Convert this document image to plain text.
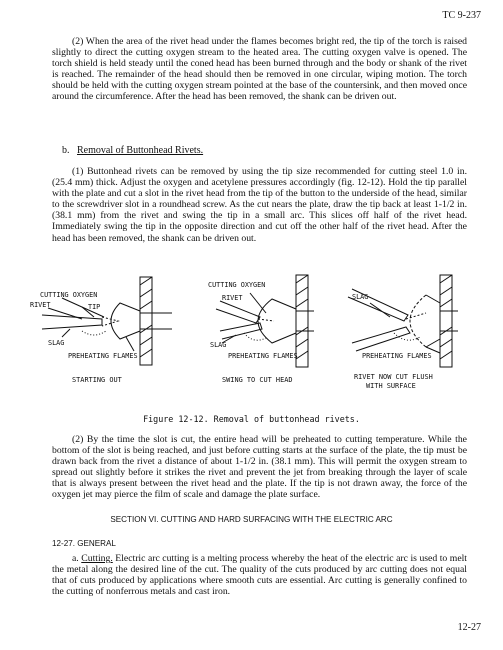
TC 9-237

(2) When the area of the rivet head under the flames becomes bright red, the tip of the torch is raised slightly to direct the cutting oxygen stream to the heated area. The cutting oxygen valve is opened. The torch shield is held steady until the coned head has been burned through and the body or shank of the rivet is reached. The remainder of the head should then be removed in one circular, wiping motion. The torch should be held with the cutting oxygen stream pointed at the base of the countersink, and then moved once around the circumference. After the head has been removed, the shank can be driven out.

b. Removal of Buttonhead Rivets.

(1) Buttonhead rivets can be removed by using the tip size recommended for cutting steel 1.0 in. (25.4 mm) thick. Adjust the oxygen and acetylene pressures accordingly (fig. 12-12). Hold the tip parallel with the plate and cut a slot in the rivet head from the tip of the button to the underside of the head, similar to the screwdriver slot in a roundhead screw. As the cut nears the plate, draw the tip back at least 1-1/2 in. (38.1 mm) from the rivet and swing the tip in a small arc. This slices off half of the rivet head. Immediately swing the tip in the opposite direction and cut off the other half of the rivet head. After the head has been removed, the shank can be driven out.

CUTTING OXYGEN
RIVET	TIP
SLAG
PREHEATING FLAMES
STARTING OUT
CUTTING OXYGEN
RIVET
SLAG
PREHEATING FLAMES
SWING TO CUT HEAD
SLAG
PREHEATING FLAMES
RIVET NOW CUT FLUSH
WITH SURFACE
Figure 12-12. Removal of buttonhead rivets.

(2) By the time the slot is cut, the entire head will be preheated to cutting temperature. While the bottom of the slot is being reached, and just before cutting starts at the surface of the plate, the tip must be drawn back from the rivet a distance of about 1-1/2 in. (38.1 mm). This will permit the oxygen stream to spread out slightly before it strikes the rivet and prevent the jet from breaking through the layer of scale that is always present between the rivet head and the plate. If the tip is not drawn away, the force of the oxygen jet may pierce the film of scale and damage the plate surface.

SECTION VI. CUTTING AND HARD SURFACING WITH THE ELECTRIC ARC
12-27. GENERAL

a. Cutting. Electric arc cutting is a melting process whereby the heat of the electric arc is used to melt the metal along the desired line of the cut. The quality of the cuts produced by arc cutting does not equal that of cuts produced by applications where smooth cuts are essential. Arc cutting is generally confined to the cutting of nonferrous metals and cast iron.

12-27
